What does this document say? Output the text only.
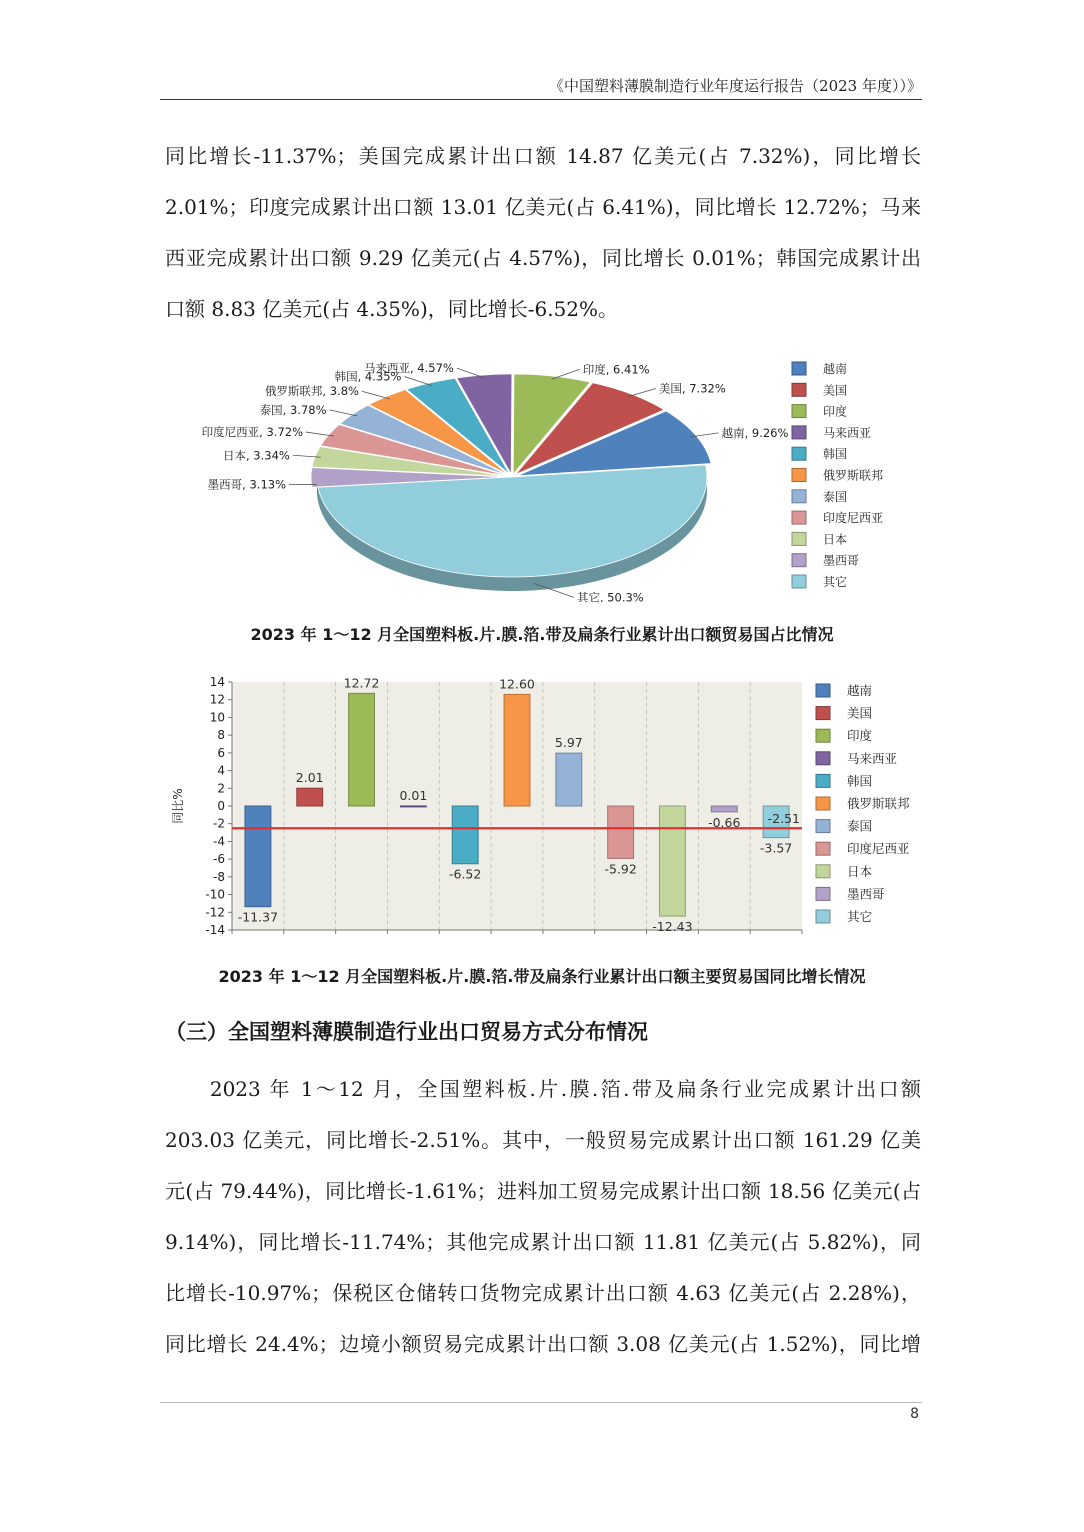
《中国塑料薄膜制造行业年度运行报告（2023 年度））》
同比增长-11.37%；美国完成累计出口额 14.87 亿美元(占 7.32%)，同比增长
2.01%；印度完成累计出口额 13.01 亿美元(占 6.41%)，同比增长 12.72%；马来
西亚完成累计出口额 9.29 亿美元(占 4.57%)，同比增长 0.01%；韩国完成累计出
口额 8.83 亿美元(占 4.35%)，同比增长-6.52%。
越南, 9.26%
美国, 7.32%
印度, 6.41%
马来西亚, 4.57%
韩国, 4.35%
俄罗斯联邦, 3.8%
泰国, 3.78%
印度尼西亚, 3.72%
日本, 3.34%
墨西哥, 3.13%
其它, 50.3%
越南
美国
印度
马来西亚
韩国
俄罗斯联邦
泰国
印度尼西亚
日本
墨西哥
其它
2023 年 1～12 月全国塑料板.片.膜.箔.带及扁条行业累计出口额贸易国占比情况
14
12
10
8
6
4
2
0
-2
-4
-6
-8
-10
-12
-14
同比%
-11.37
2.01
12.72
0.01
-6.52
12.60
5.97
-5.92
-12.43
-0.66
-3.57
-2.51
越南
美国
印度
马来西亚
韩国
俄罗斯联邦
泰国
印度尼西亚
日本
墨西哥
其它
2023 年 1～12 月全国塑料板.片.膜.箔.带及扁条行业累计出口额主要贸易国同比增长情况
（三）全国塑料薄膜制造行业出口贸易方式分布情况
　　2023 年 1～12 月，全国塑料板.片.膜.箔.带及扁条行业完成累计出口额
203.03 亿美元，同比增长-2.51%。其中，一般贸易完成累计出口额 161.29 亿美
元(占 79.44%)，同比增长-1.61%；进料加工贸易完成累计出口额 18.56 亿美元(占
9.14%)，同比增长-11.74%；其他完成累计出口额 11.81 亿美元(占 5.82%)，同
比增长-10.97%；保税区仓储转口货物完成累计出口额 4.63 亿美元(占 2.28%)，
同比增长 24.4%；边境小额贸易完成累计出口额 3.08 亿美元(占 1.52%)，同比增
8
